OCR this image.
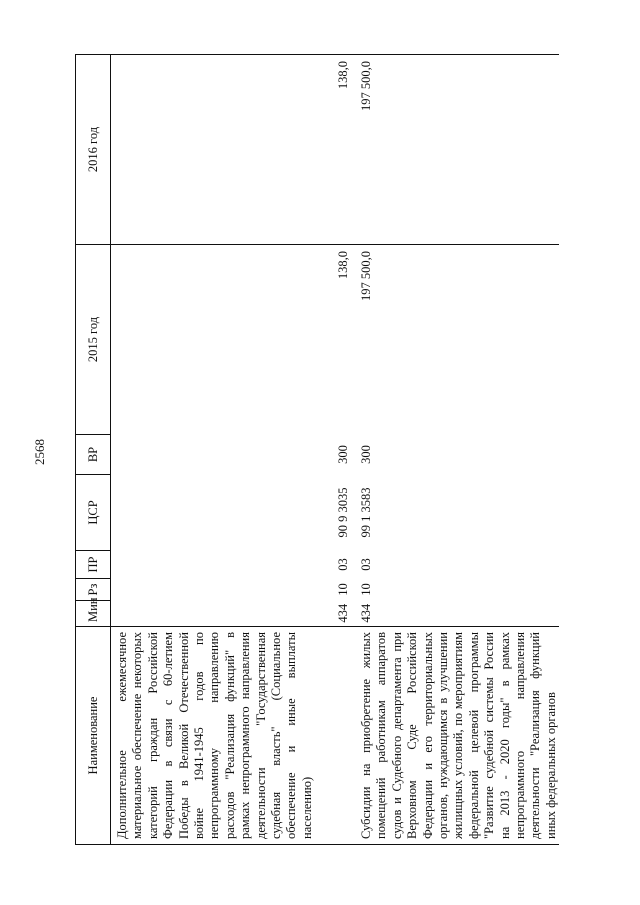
2568
Наименование	Мин	Рз	ПР	ЦСР	ВР	2015 год	2016 год
Дополнительное ежемесячное материальное обеспечение некоторых категорий граждан Российской Федерации в связи с 60-летием Победы в Великой Отечественной войне 1941-1945 годов по непрограммному направлению расходов "Реализация функций" в рамках непрограммного направления деятельности "Государственная судебная власть" (Социальное обеспечение и иные выплаты населению)	434	10	03	90 9 3035	300	138,0	138,0
Субсидии на приобретение жилых помещений работникам аппаратов судов и Судебного департамента при Верховном Суде Российской Федерации и его территориальных органов, нуждающимся в улучшении жилищных условий, по мероприятиям федеральной целевой программы "Развитие судебной системы России на 2013 - 2020 годы" в рамках непрограммного направления деятельности "Реализация функций иных федеральных органов	434	10	03	99 1 3583	300	197 500,0	197 500,0
